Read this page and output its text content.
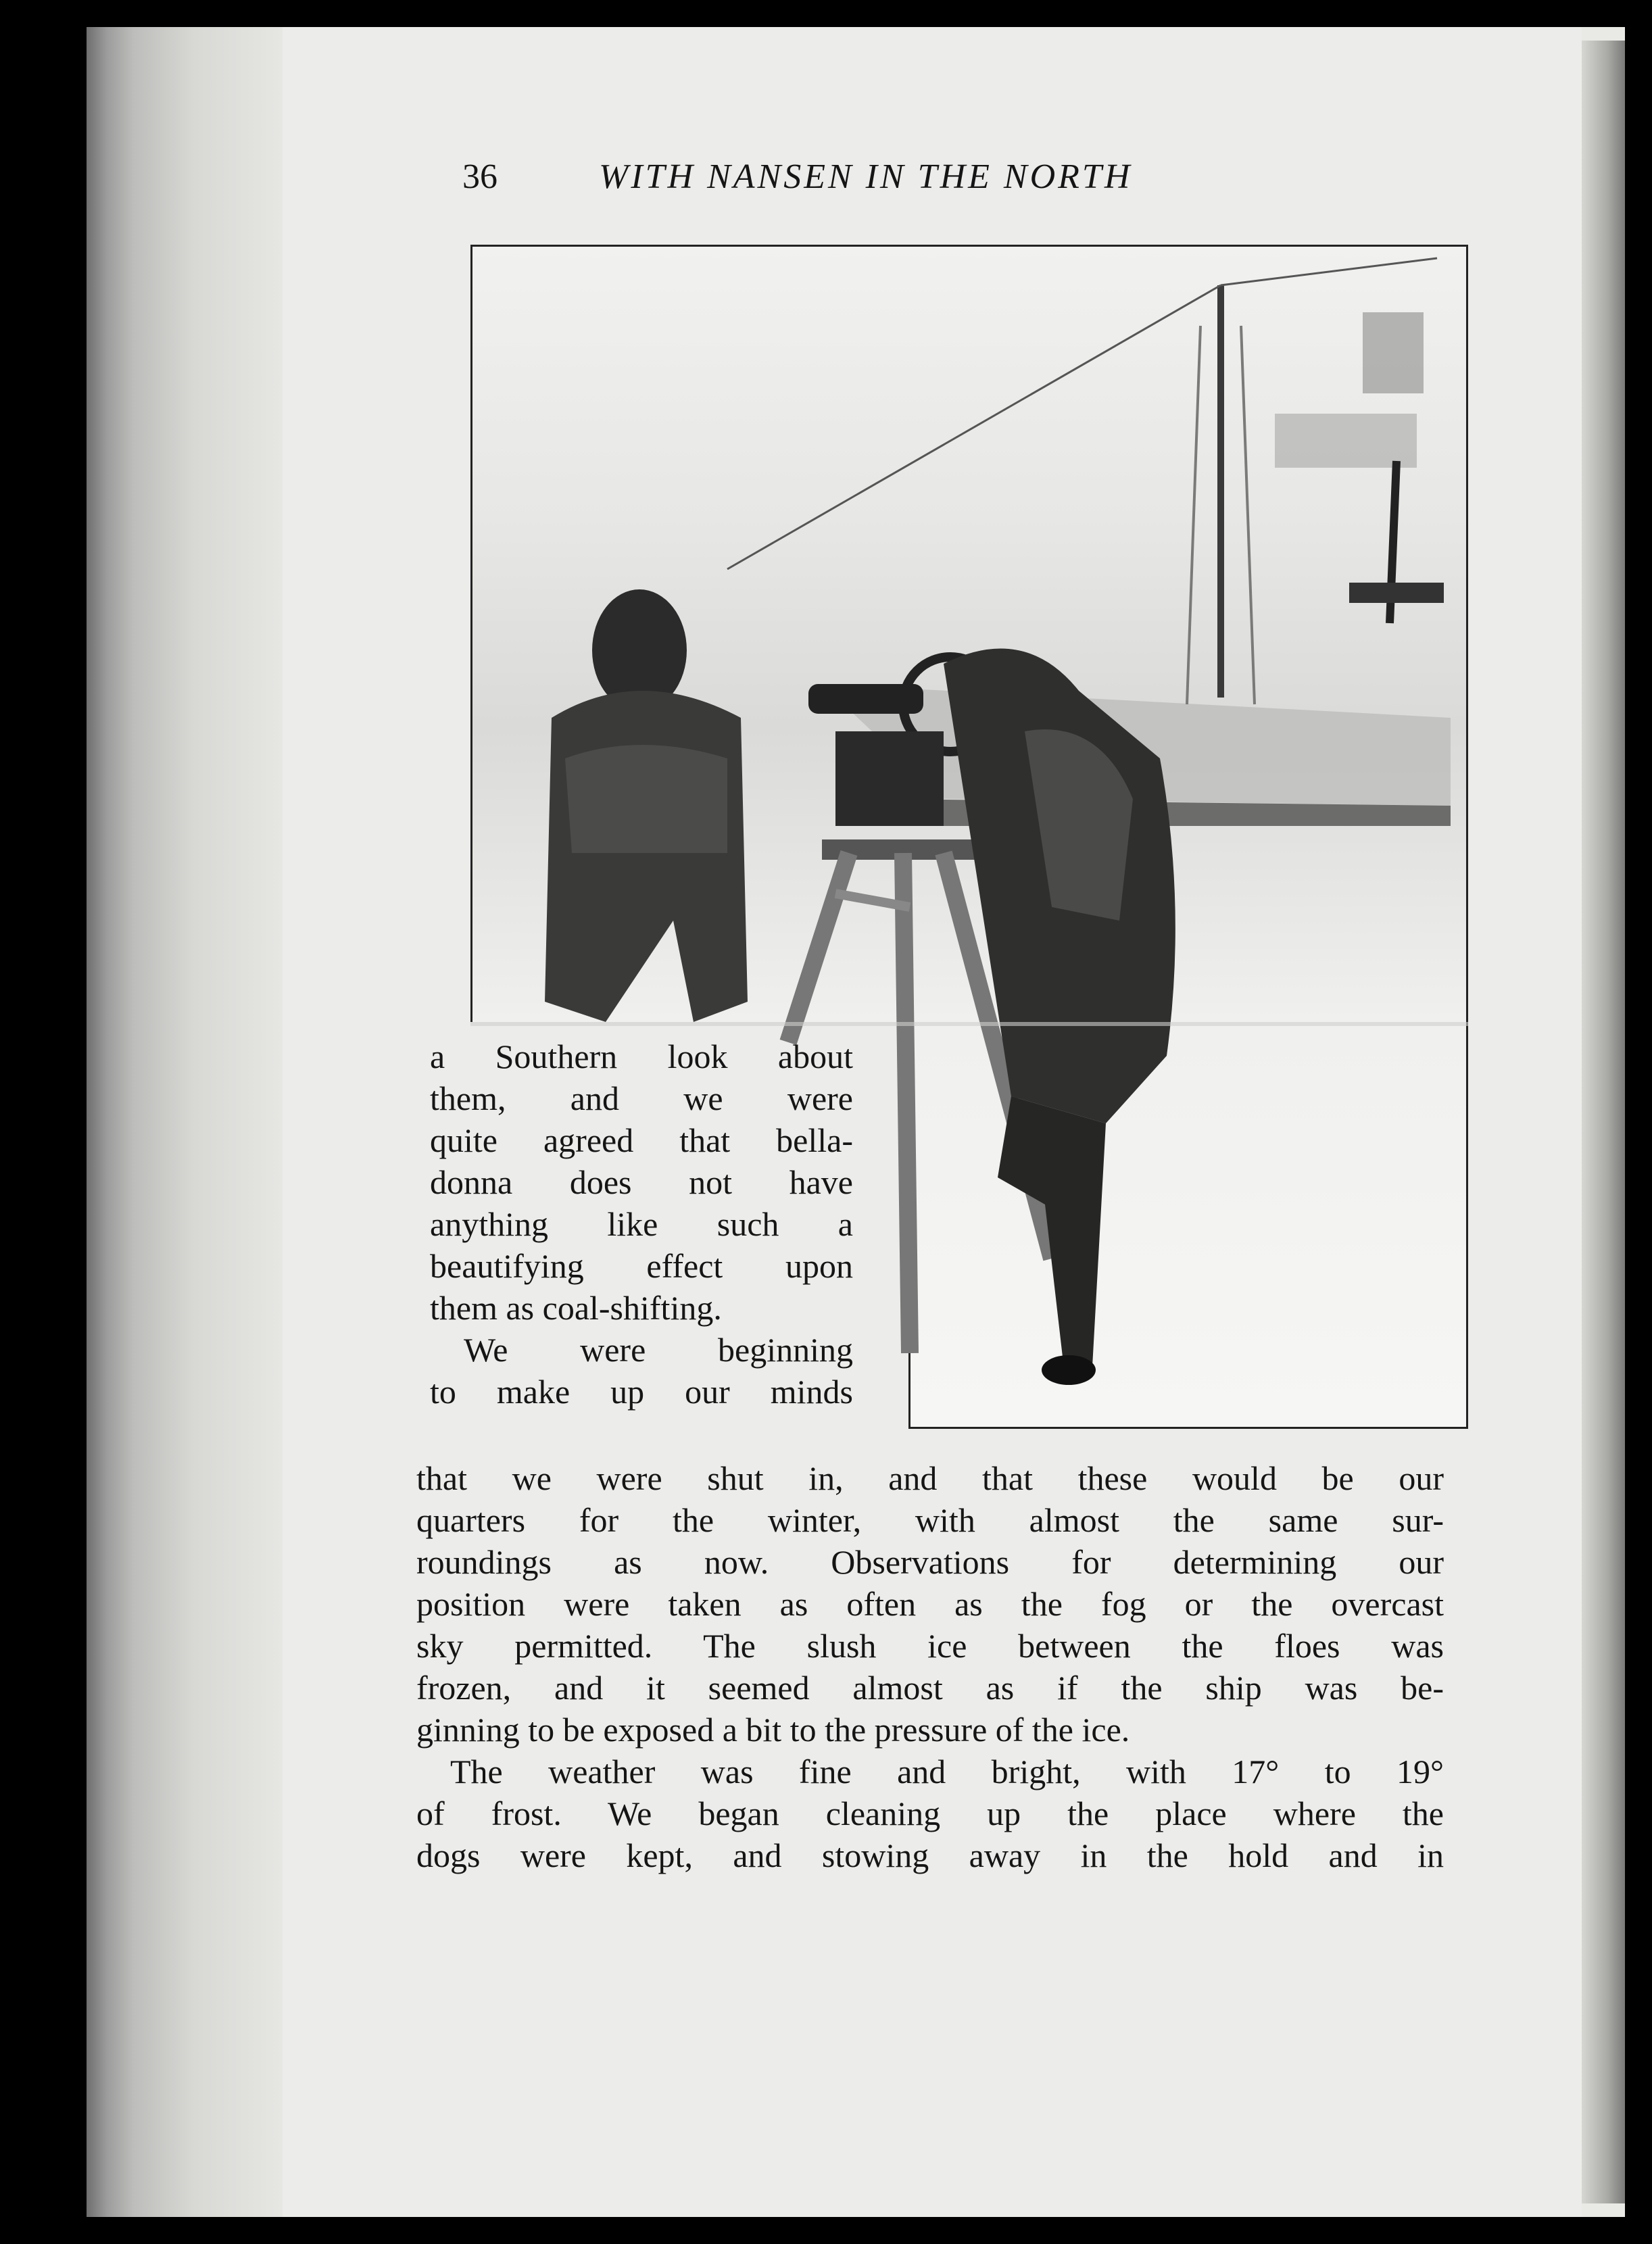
36	WITH NANSEN IN THE NORTH
a Southern look about
them, and we were
quite agreed that bella-
donna does not have
anything like such a
beautifying effect upon
them as coal-shifting.
We were beginning
to make up our minds
that we were shut in, and that these would be our
quarters for the winter, with almost the same sur-
roundings as now. Observations for determining our
position were taken as often as the fog or the overcast
sky permitted. The slush ice between the floes was
frozen, and it seemed almost as if the ship was be-
ginning to be exposed a bit to the pressure of the ice.
The weather was fine and bright, with 17° to 19°
of frost. We began cleaning up the place where the
dogs were kept, and stowing away in the hold and in
